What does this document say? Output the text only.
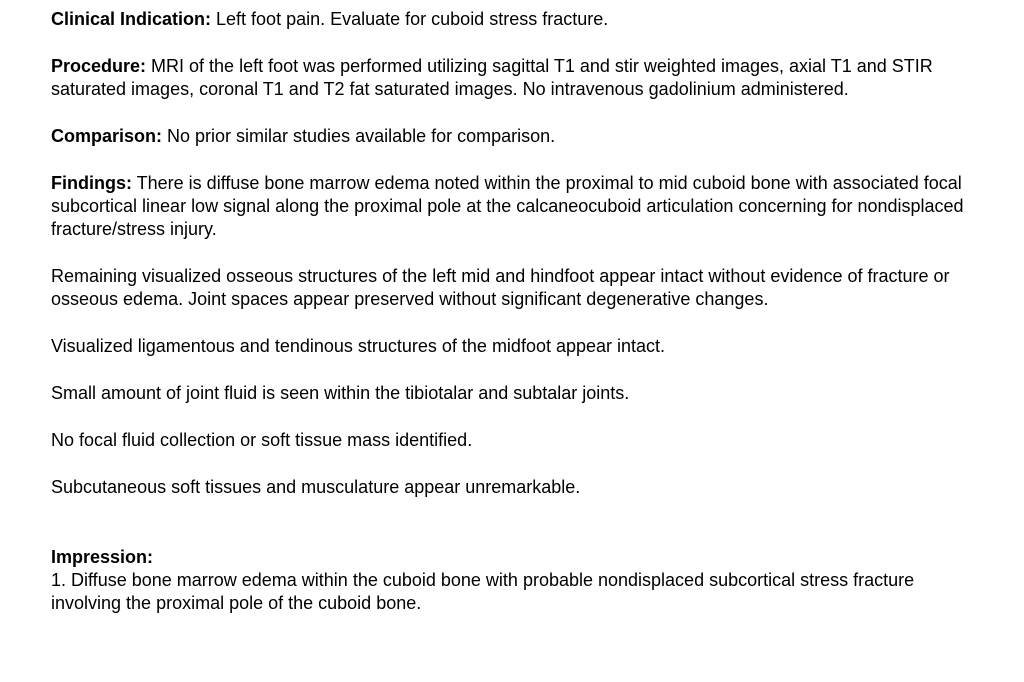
Clinical Indication: Left foot pain. Evaluate for cuboid stress fracture.

Procedure: MRI of the left foot was performed utilizing sagittal T1 and stir weighted images, axial T1 and STIR saturated images, coronal T1 and T2 fat saturated images. No intravenous gadolinium administered.

Comparison: No prior similar studies available for comparison.

Findings: There is diffuse bone marrow edema noted within the proximal to mid cuboid bone with associated focal subcortical linear low signal along the proximal pole at the calcaneocuboid articulation concerning for nondisplaced fracture/stress injury.

Remaining visualized osseous structures of the left mid and hindfoot appear intact without evidence of fracture or osseous edema. Joint spaces appear preserved without significant degenerative changes.

Visualized ligamentous and tendinous structures of the midfoot appear intact.

Small amount of joint fluid is seen within the tibiotalar and subtalar joints.

No focal fluid collection or soft tissue mass identified.

Subcutaneous soft tissues and musculature appear unremarkable.

Impression:
1. Diffuse bone marrow edema within the cuboid bone with probable nondisplaced subcortical stress fracture involving the proximal pole of the cuboid bone.
